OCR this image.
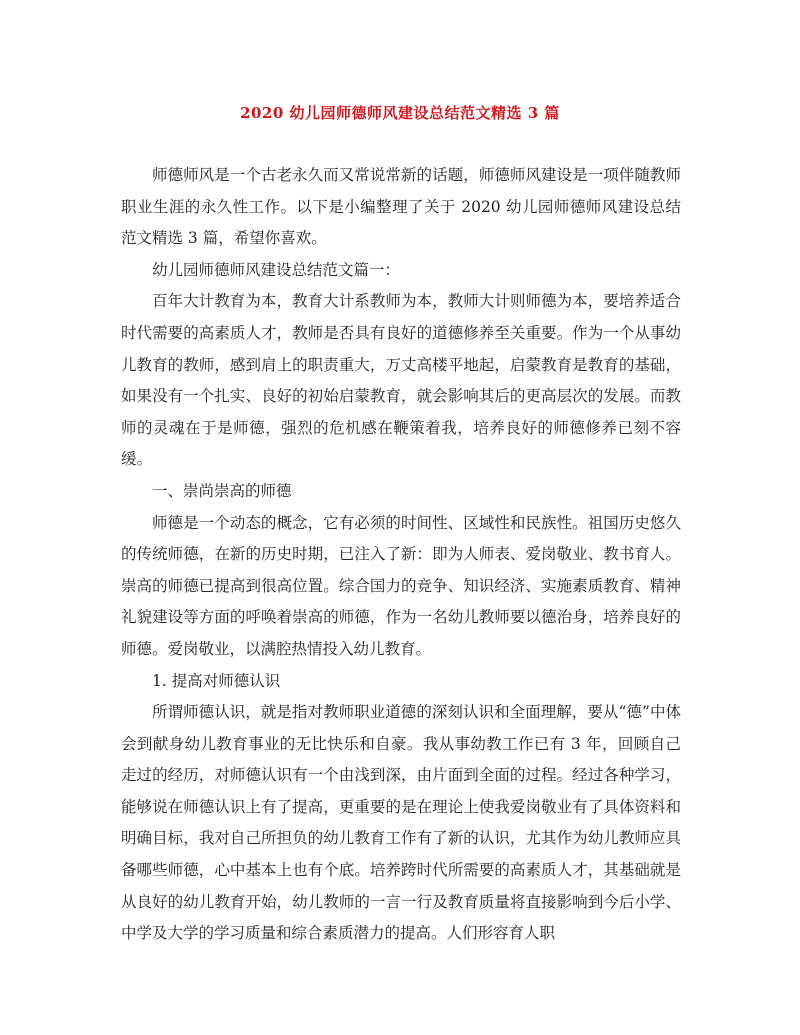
2020 幼儿园师德师风建设总结范文精选 3 篇

师德师风是一个古老永久而又常说常新的话题，师德师风建设是一项伴随教师职业生涯的永久性工作。以下是小编整理了关于 2020 幼儿园师德师风建设总结范文精选 3 篇，希望你喜欢。

幼儿园师德师风建设总结范文篇一：

百年大计教育为本，教育大计系教师为本，教师大计则师德为本，要培养适合时代需要的高素质人才，教师是否具有良好的道德修养至关重要。作为一个从事幼儿教育的教师，感到肩上的职责重大，万丈高楼平地起，启蒙教育是教育的基础，如果没有一个扎实、良好的初始启蒙教育，就会影响其后的更高层次的发展。而教师的灵魂在于是师德，强烈的危机感在鞭策着我，培养良好的师德修养已刻不容缓。

一、崇尚崇高的师德

师德是一个动态的概念，它有必须的时间性、区域性和民族性。祖国历史悠久的传统师德，在新的历史时期，已注入了新：即为人师表、爱岗敬业、教书育人。崇高的师德已提高到很高位置。综合国力的竞争、知识经济、实施素质教育、精神礼貌建设等方面的呼唤着崇高的师德，作为一名幼儿教师要以德治身，培养良好的师德。爱岗敬业，以满腔热情投入幼儿教育。

1. 提高对师德认识

所谓师德认识，就是指对教师职业道德的深刻认识和全面理解，要从“德”中体会到献身幼儿教育事业的无比快乐和自豪。我从事幼教工作已有 3 年，回顾自己走过的经历，对师德认识有一个由浅到深，由片面到全面的过程。经过各种学习，能够说在师德认识上有了提高，更重要的是在理论上使我爱岗敬业有了具体资料和明确目标，我对自己所担负的幼儿教育工作有了新的认识，尤其作为幼儿教师应具备哪些师德，心中基本上也有个底。培养跨时代所需要的高素质人才，其基础就是从良好的幼儿教育开始，幼儿教师的一言一行及教育质量将直接影响到今后小学、中学及大学的学习质量和综合素质潜力的提高。人们形容育人职
